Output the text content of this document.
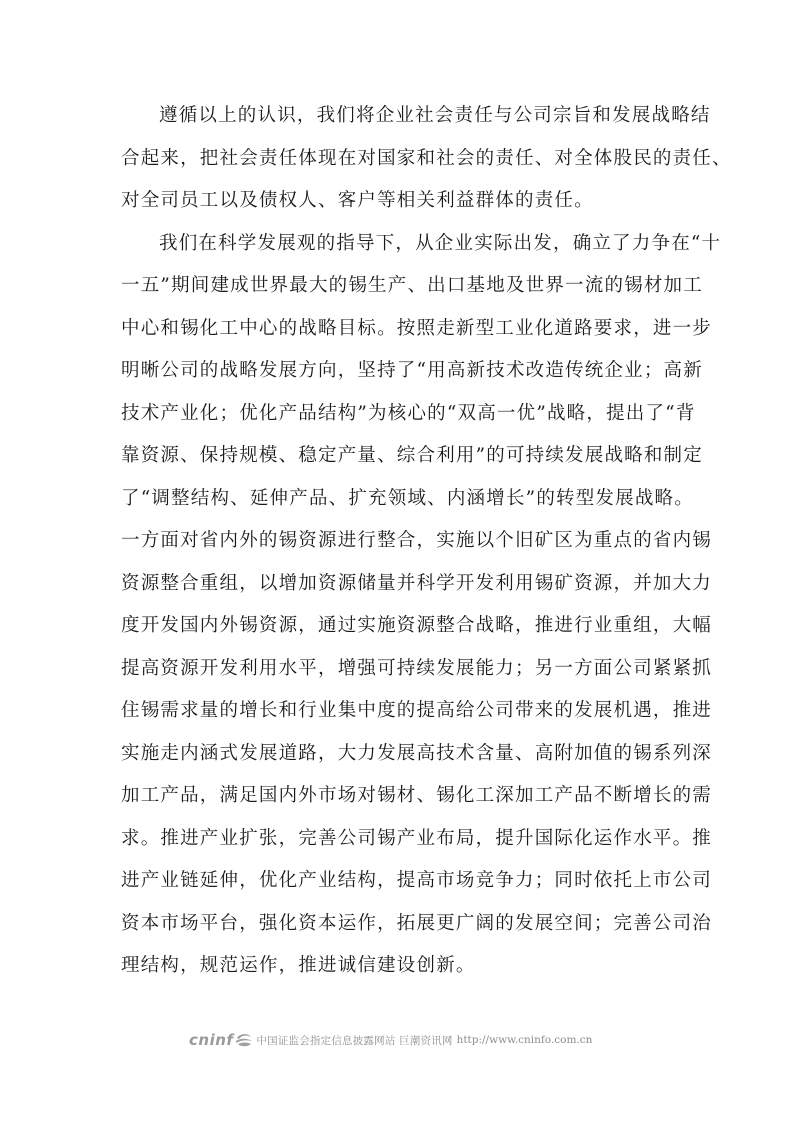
遵循以上的认识，我们将企业社会责任与公司宗旨和发展战略结
合起来，把社会责任体现在对国家和社会的责任、对全体股民的责任、
对全司员工以及债权人、客户等相关利益群体的责任。
我们在科学发展观的指导下，从企业实际出发，确立了力争在“十
一五”期间建成世界最大的锡生产、出口基地及世界一流的锡材加工
中心和锡化工中心的战略目标。按照走新型工业化道路要求，进一步
明晰公司的战略发展方向，坚持了“用高新技术改造传统企业；高新
技术产业化；优化产品结构”为核心的“双高一优”战略，提出了“背
靠资源、保持规模、稳定产量、综合利用”的可持续发展战略和制定
了“调整结构、延伸产品、扩充领域、内涵增长”的转型发展战略。
一方面对省内外的锡资源进行整合，实施以个旧矿区为重点的省内锡
资源整合重组，以增加资源储量并科学开发利用锡矿资源，并加大力
度开发国内外锡资源，通过实施资源整合战略，推进行业重组，大幅
提高资源开发利用水平，增强可持续发展能力；另一方面公司紧紧抓
住锡需求量的增长和行业集中度的提高给公司带来的发展机遇，推进
实施走内涵式发展道路，大力发展高技术含量、高附加值的锡系列深
加工产品，满足国内外市场对锡材、锡化工深加工产品不断增长的需
求。推进产业扩张，完善公司锡产业布局，提升国际化运作水平。推
进产业链延伸，优化产业结构，提高市场竞争力；同时依托上市公司
资本市场平台，强化资本运作，拓展更广阔的发展空间；完善公司治
理结构，规范运作，推进诚信建设创新。
cninf 中国证监会指定信息披露网站 巨潮资讯网 http://www.cninfo.com.cn
